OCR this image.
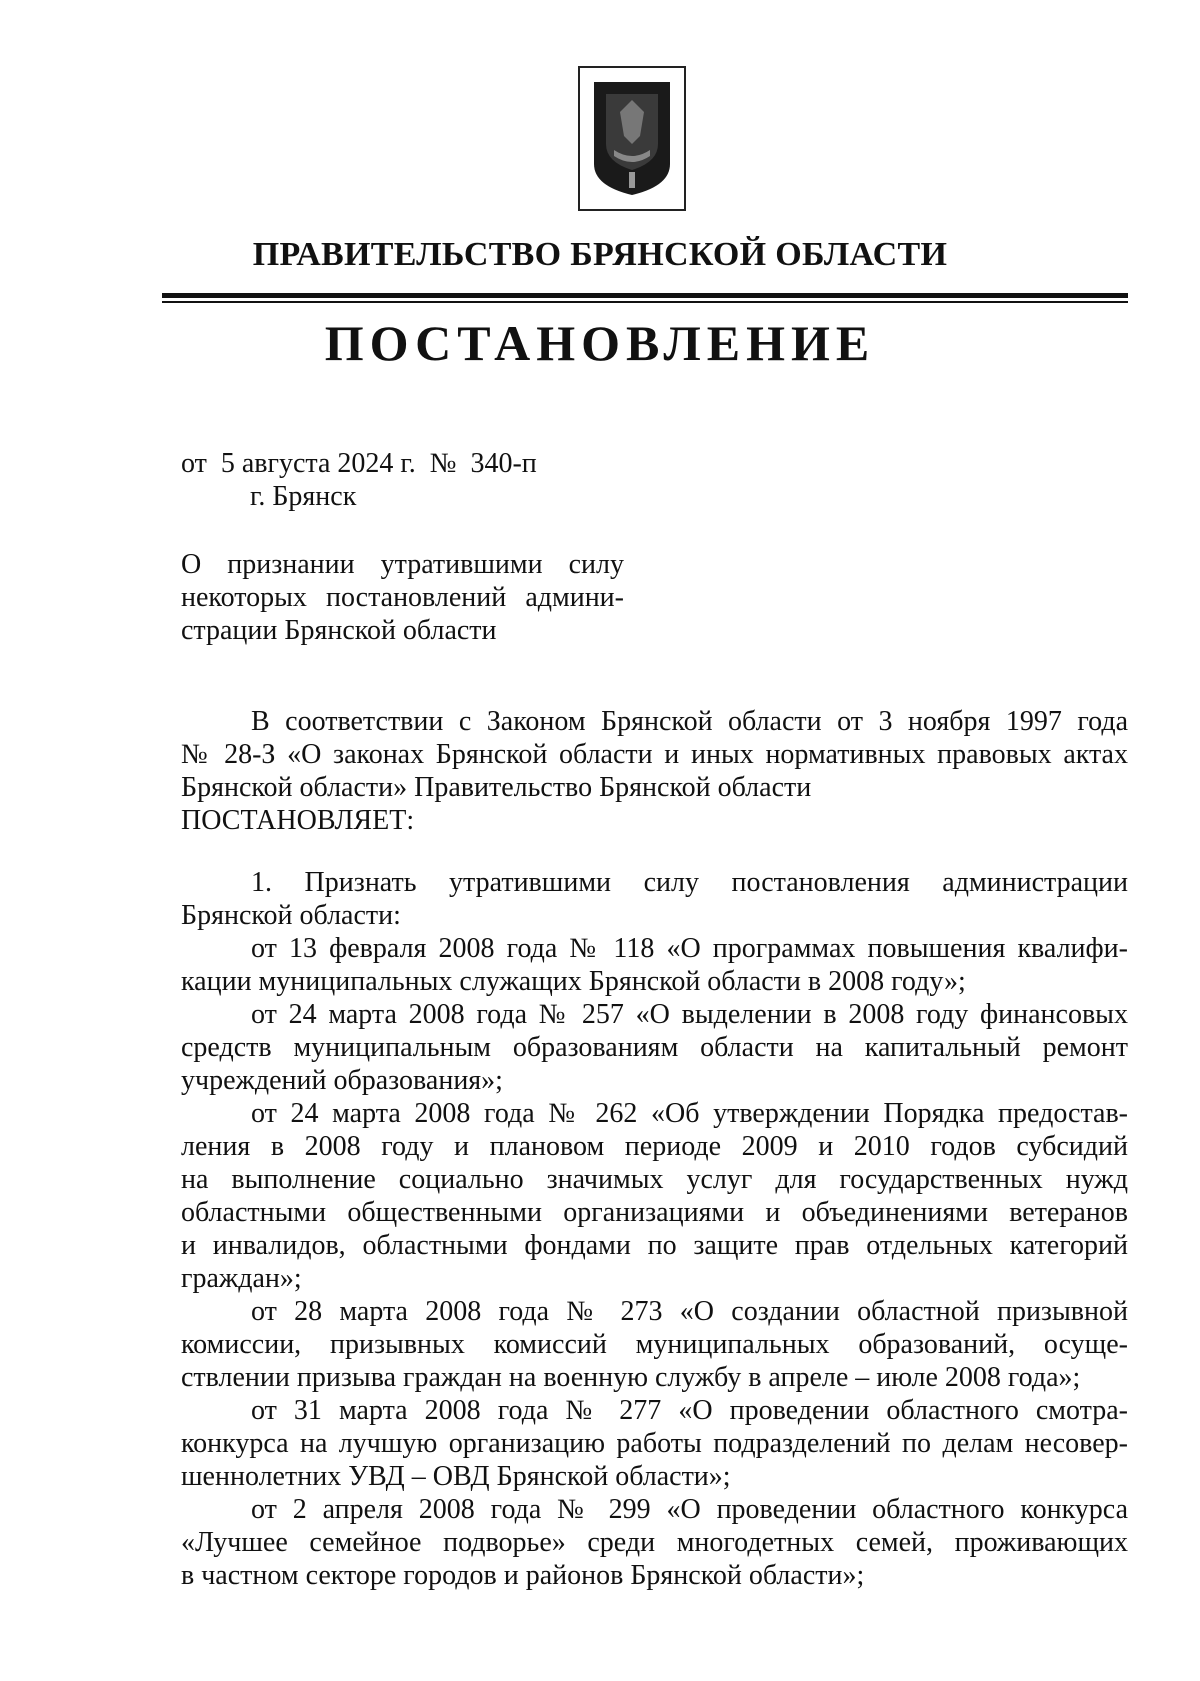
ПРАВИТЕЛЬСТВО БРЯНСКОЙ ОБЛАСТИ
ПОСТАНОВЛЕНИЕ
от  5 августа 2024 г.  №  340-п
г. Брянск
О признании утратившими силу
некоторых постановлений админи-
страции Брянской области
В соответствии с Законом Брянской области от 3 ноября 1997 года
№ 28-З «О законах Брянской области и иных нормативных правовых актах
Брянской области» Правительство Брянской области
ПОСТАНОВЛЯЕТ:
1. Признать утратившими силу постановления администрации
Брянской области:
от 13 февраля 2008 года № 118 «О программах повышения квалифи-
кации муниципальных служащих Брянской области в 2008 году»;
от 24 марта 2008 года № 257 «О выделении в 2008 году финансовых
средств муниципальным образованиям области на капитальный ремонт
учреждений образования»;
от 24 марта 2008 года № 262 «Об утверждении Порядка предостав-
ления в 2008 году и плановом периоде 2009 и 2010 годов субсидий
на выполнение социально значимых услуг для государственных нужд
областными общественными организациями и объединениями ветеранов
и инвалидов, областными фондами по защите прав отдельных категорий
граждан»;
от 28 марта 2008 года № 273 «О создании областной призывной
комиссии, призывных комиссий муниципальных образований, осуще-
ствлении призыва граждан на военную службу в апреле – июле 2008 года»;
от 31 марта 2008 года № 277 «О проведении областного смотра-
конкурса на лучшую организацию работы подразделений по делам несовер-
шеннолетних УВД – ОВД Брянской области»;
от 2 апреля 2008 года № 299 «О проведении областного конкурса
«Лучшее семейное подворье» среди многодетных семей, проживающих
в частном секторе городов и районов Брянской области»;
